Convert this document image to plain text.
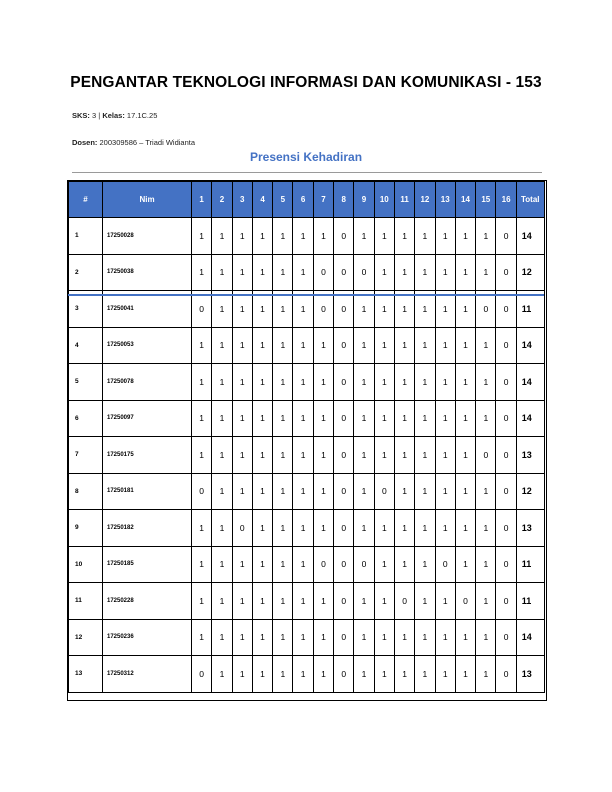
PENGANTAR TEKNOLOGI INFORMASI DAN KOMUNIKASI - 153
SKS: 3 | Kelas: 17.1C.25
Dosen: 200309586 – Triadi Widianta
Presensi Kehadiran
#	Nim	1	2	3	4	5	6	7	8	9	10	11	12	13	14	15	16	Total
1	17250028	1	1	1	1	1	1	1	0	1	1	1	1	1	1	1	0	14
2	17250038	1	1	1	1	1	1	0	0	0	1	1	1	1	1	1	0	12
3	17250041	0	1	1	1	1	1	0	0	1	1	1	1	1	1	0	0	11
4	17250053	1	1	1	1	1	1	1	0	1	1	1	1	1	1	1	0	14
5	17250078	1	1	1	1	1	1	1	0	1	1	1	1	1	1	1	0	14
6	17250097	1	1	1	1	1	1	1	0	1	1	1	1	1	1	1	0	14
7	17250175	1	1	1	1	1	1	1	0	1	1	1	1	1	1	0	0	13
8	17250181	0	1	1	1	1	1	1	0	1	0	1	1	1	1	1	0	12
9	17250182	1	1	0	1	1	1	1	0	1	1	1	1	1	1	1	0	13
10	17250185	1	1	1	1	1	1	0	0	0	1	1	1	0	1	1	0	11
11	17250228	1	1	1	1	1	1	1	0	1	1	0	1	1	0	1	0	11
12	17250236	1	1	1	1	1	1	1	0	1	1	1	1	1	1	1	0	14
13	17250312	0	1	1	1	1	1	1	0	1	1	1	1	1	1	1	0	13
